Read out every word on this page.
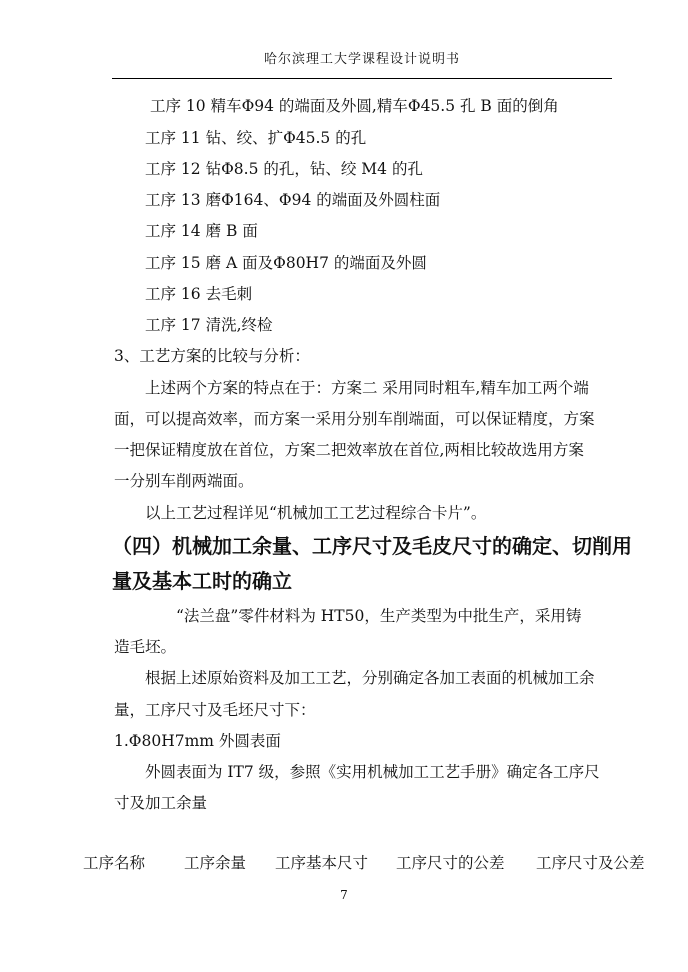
哈尔滨理工大学课程设计说明书
工序 10 精车Φ94 的端面及外圆,精车Φ45.5 孔 B 面的倒角
工序 11 钻、绞、扩Φ45.5 的孔
工序 12 钻Φ8.5 的孔，钻、绞 M4 的孔
工序 13 磨Φ164、Φ94 的端面及外圆柱面
工序 14 磨 B 面
工序 15 磨 A 面及Φ80H7 的端面及外圆
工序 16 去毛刺
工序 17 清洗,终检
3、工艺方案的比较与分析：
上述两个方案的特点在于：方案二 采用同时粗车,精车加工两个端
面，可以提高效率，而方案一采用分别车削端面，可以保证精度，方案
一把保证精度放在首位，方案二把效率放在首位,两相比较故选用方案
一分别车削两端面。
以上工艺过程详见“机械加工工艺过程综合卡片”。
（四）机械加工余量、工序尺寸及毛皮尺寸的确定、切削用
量及基本工时的确立
“法兰盘”零件材料为 HT50，生产类型为中批生产，采用铸
造毛坯。
根据上述原始资料及加工工艺，分别确定各加工表面的机械加工余
量，工序尺寸及毛坯尺寸下：
1.Φ80H7mm 外圆表面
外圆表面为 IT7 级，参照《实用机械加工工艺手册》确定各工序尺
寸及加工余量
工序名称	工序余量 工序基本尺寸 工序尺寸的公差 工序尺寸及公差
7
